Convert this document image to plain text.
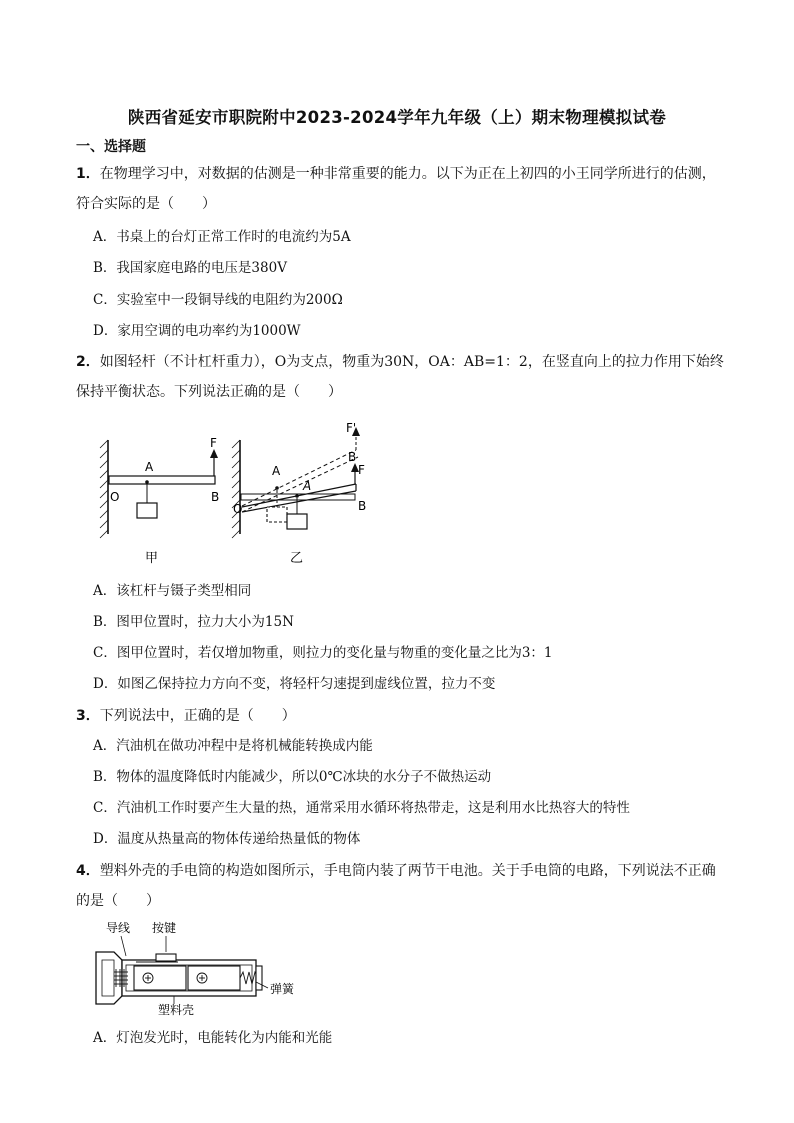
陕西省延安市职院附中2023-2024学年九年级（上）期末物理模拟试卷
一、选择题
1．在物理学习中，对数据的估测是一种非常重要的能力。以下为正在上初四的小王同学所进行的估测，
符合实际的是（　　）
A．书桌上的台灯正常工作时的电流约为5A
B．我国家庭电路的电压是380V
C．实验室中一段铜导线的电阻约为200Ω
D．家用空调的电功率约为1000W
2．如图轻杆（不计杠杆重力），O为支点，物重为30N，OA：AB=1：2，在竖直向上的拉力作用下始终
保持平衡状态。下列说法正确的是（　　）
F
A
O	B
甲
F'
B
F
A
A
O	B
乙
A．该杠杆与镊子类型相同
B．图甲位置时，拉力大小为15N
C．图甲位置时，若仅增加物重，则拉力的变化量与物重的变化量之比为3：1
D．如图乙保持拉力方向不变，将轻杆匀速提到虚线位置，拉力不变
3．下列说法中，正确的是（　　）
A．汽油机在做功冲程中是将机械能转换成内能
B．物体的温度降低时内能减少，所以0℃冰块的水分子不做热运动
C．汽油机工作时要产生大量的热，通常采用水循环将热带走，这是利用水比热容大的特性
D．温度从热量高的物体传递给热量低的物体
4．塑料外壳的手电筒的构造如图所示，手电筒内装了两节干电池。关于手电筒的电路，下列说法不正确
的是（　　）
导线 按键
弹簧
塑料壳
A．灯泡发光时，电能转化为内能和光能
